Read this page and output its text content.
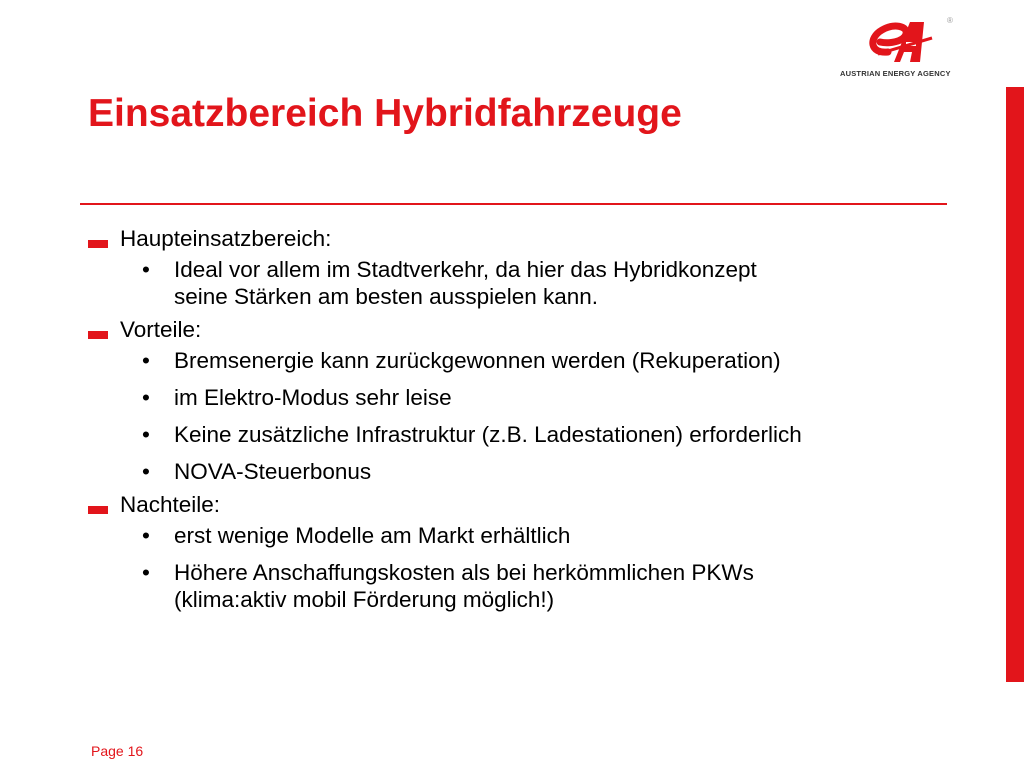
®
AUSTRIAN ENERGY AGENCY
Einsatzbereich Hybridfahrzeuge
Haupteinsatzbereich:
• Ideal vor allem im Stadtverkehr, da hier das Hybridkonzept
seine Stärken am besten ausspielen kann.
Vorteile:
• Bremsenergie kann zurückgewonnen werden (Rekuperation)
• im Elektro-Modus sehr leise
• Keine zusätzliche Infrastruktur (z.B. Ladestationen) erforderlich
• NOVA-Steuerbonus
Nachteile:
• erst wenige Modelle am Markt erhältlich
• Höhere Anschaffungskosten als bei herkömmlichen PKWs
(klima:aktiv mobil Förderung möglich!)
Page 16
